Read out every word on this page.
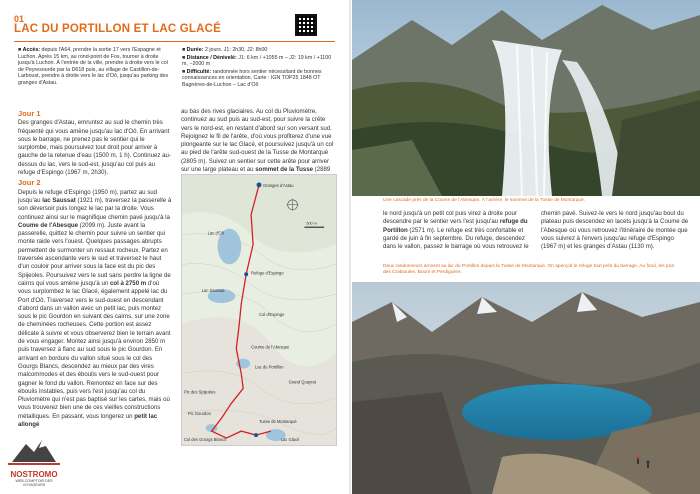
01
LAC DU PORTILLON ET LAC GLACÉ

■ Accès: depuis l'A64, prendre la sortie 17 vers l'Espagne et Luchon. Après 15 km, au rond-point de Fos, tourner à droite jusqu'à Luchon. À l'entrée de la ville, prendre à droite vers le col de Peyresourde par la D618 puis, au village de Castillon-de-Larboust, prendre à droite vers le lac d'Oô, jusqu'au parking des granges d'Astau.

■ Durée: 2 jours. J1: 2h30, J2: 8h00

■ Distance / Dénivelé: J1: 6 km / +1055 m – J2: 19 km / +1100 m, −2000 m

■ Difficulté: randonnée hors sentier nécessitant de bonnes connaissances en orientation. Carte : IGN TOP25 1848 OT Bagnères-de-Luchon – Lac d'Oô

Jour 1

Des granges d'Astau, emruntez au sud le chemin très fréquenté qui vous amène jusqu'au lac d'Oô. En arrivant sous le barrage, ne prenez pas le sentier qui le surplombe, mais poursuivez tout droit pour arriver à gauche de la retenue d'eau (1500 m, 1 h). Continuez au-dessus du lac, vers le sud-est, jusqu'au col puis au refuge d'Espingo (1967 m, 2h30).

Jour 2

Depuis le refuge d'Espingo (1950 m), partez au sud jusqu'au lac Saussat (1921 m), traversez la passerelle à son déversoir puis longez le lac par la droite. Vous continuez ainsi sur le magnifique chemin pavé jusqu'à la Coume de l'Abesque (2099 m). Juste avant la passerelle, quittez le chemin pour suivre un sentier qui monte raide vers l'ouest. Quelques passages abrupts permettent de surmonter un ressaut rocheux. Partez en traversée ascendante vers le sud et traversez le haut d'un couloir pour arriver sous la face est du pic des Spijeoles. Poursuivez vers le sud sans perdre la ligne de cairns qui vous amène jusqu'à un col à 2750 m d'où vous surplombez le lac Glacé, également appelé lac du Port d'Oô. Traversez vers le sud-ouest en descendant d'abord dans un vallon avec un petit lac, puis montez sous le pic Gourdon en suivant des cairns, sur une zone de cheminées rocheuses. Cette portion est assez délicate à suivre et vous observerez bien le terrain avant de vous engager. Montez ainsi jusqu'à environ 2850 m puis traversez à flanc au sud sous le pic Gourdon. En arrivant en bordure du vallon situé sous le col des Gourgs Blancs, descendez au mieux par des vires malcommodes et des éboulis vers le sud-ouest pour gagner le fond du vallon. Remontez en face sur des éboulis instables, puis vers l'est jusqu'au col du Pluviomètre qui n'est pas baptisé sur les cartes, mais où vous trouverez bien une de ces vieilles constructions métalliques. En passant, vous longerez un petit lac allongé

au bas des rives glaciaires. Au col du Pluviomètre, continuez au sud puis au sud-est, pour suivre la crête vers le nord-est, en restant d'abord sur son versant sud. Rejoignez le fil de l'arête, d'où vous profiterez d'une vue plongeante sur le lac Glacé, et poursuivez jusqu'à un col au pied de l'arête sud-ouest de la Tusse de Montarqué (2805 m). Suivez un sentier sur cette arête pour arriver sur une large plateau et au sommet de la Tusse (2889

Granges d'Astau
Lac d'Oô
Refuge d'Espingo
Lac Saussat
Col d'Espingo
Coume de l'Abesque
Lac du Portillon
Pic des Spijeoles
Pic Gourdon
Col des Gourgs Blancs
Tusse de Montarqué
Lac Glacé
Grand Quayrat
500 m
NOSTROMO
WEB-COMPTOIR DES VOYAGEURS
Une cascade près de la Coume de l'Abesque. À l'arrière, le sommet de la Tusse de Montarqué.
le nord jusqu'à un petit col puis virez à droite pour descendre par le sentier vers l'est jusqu'au refuge du Portillon (2571 m). Le refuge est très confortable et gardé de juin à fin septembre. Du refuge, descendez dans le vallon, passez le barrage où vous retrouvez le
chemin pavé. Suivez-le vers le nord jusqu'au bout du plateau puis descendez en lacets jusqu'à la Coume de l'Abesque où vous retrouvez l'itinéraire de montée que vous suivrez à l'envers jusqu'au refuge d'Espingo (1967 m) et les granges d'Astau (1130 m).
Deux randonneurs arrivent au lac du Portillon depuis la Tusse de Montarqué. On aperçoit le refuge tout près du barrage. Au fond, les pics des Crabioules, Boum et Perdiguère.
